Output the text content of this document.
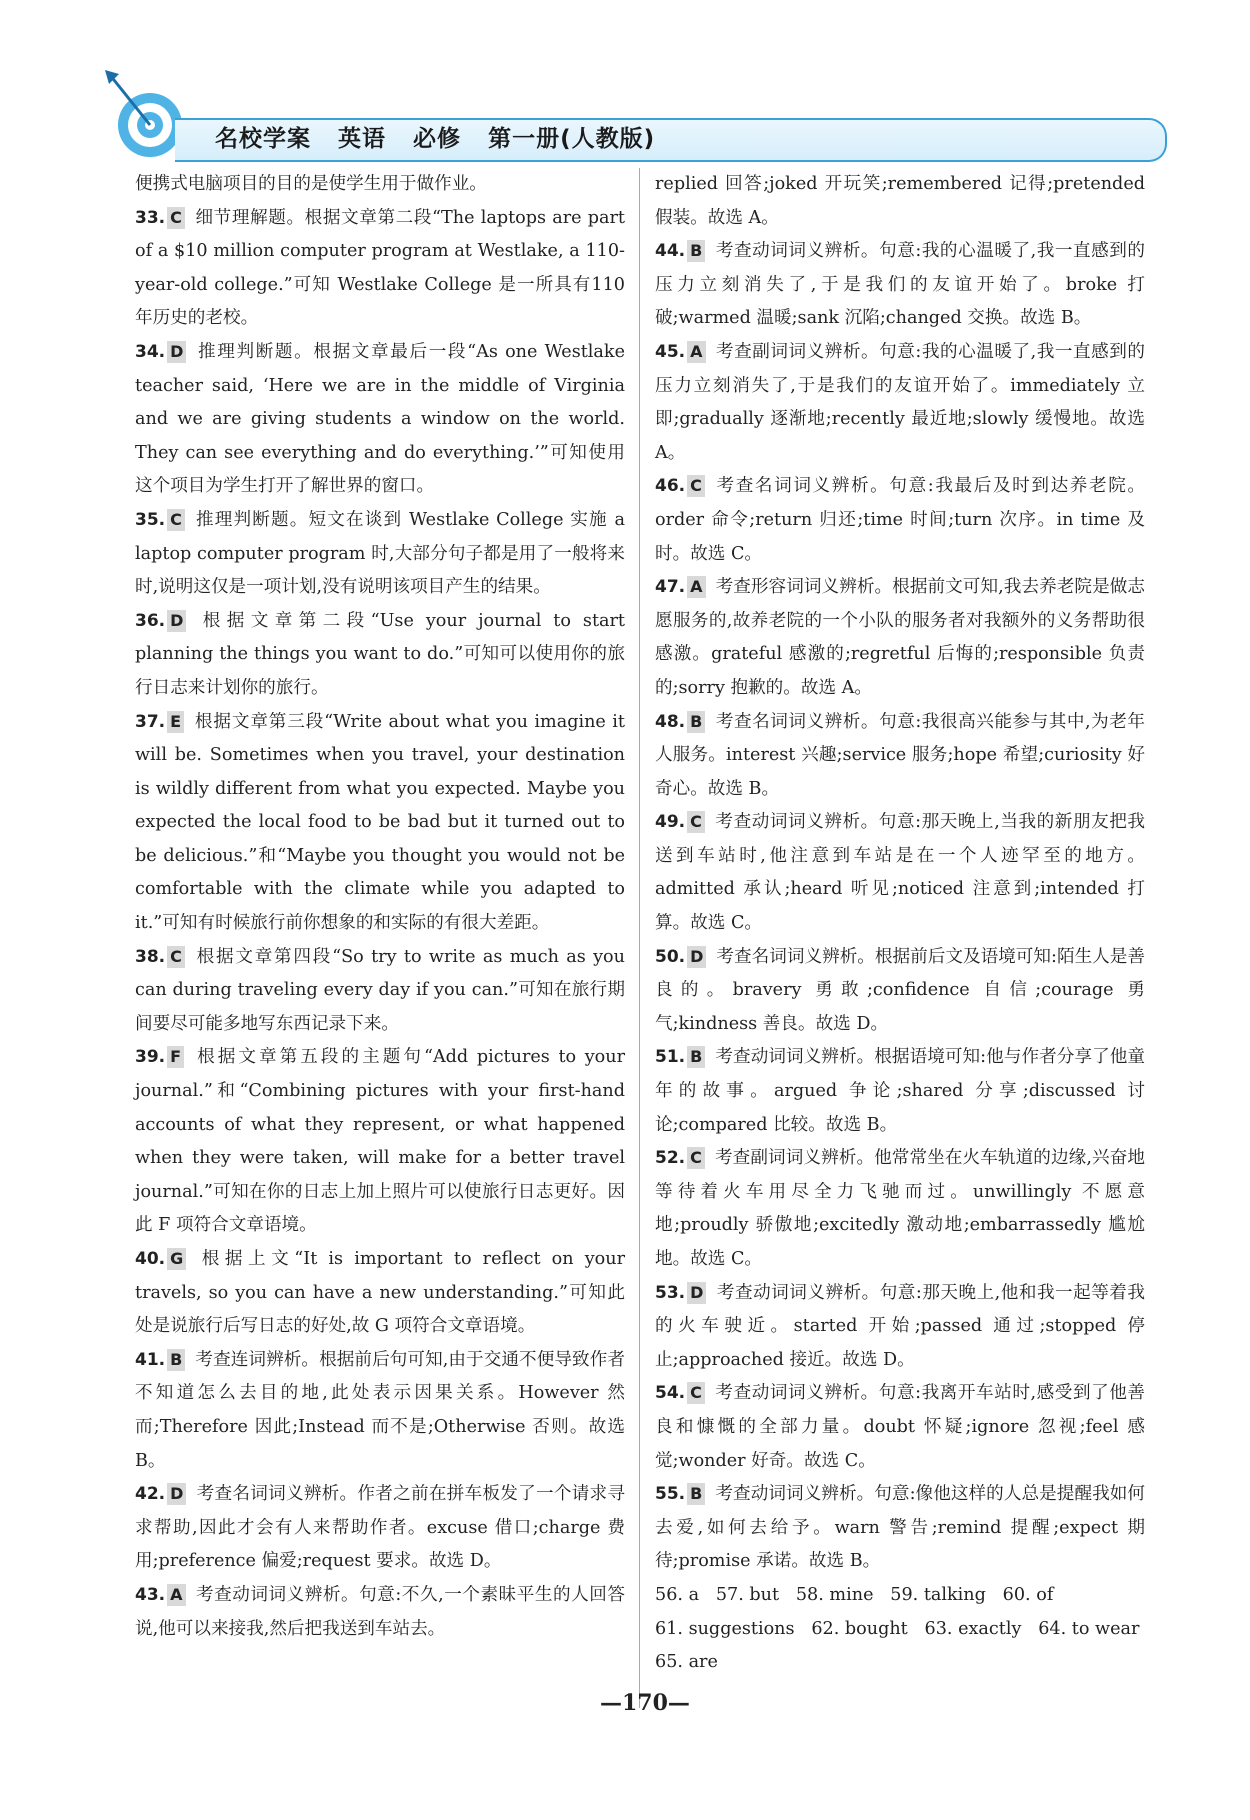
名校学案   英语   必修   第一册(人教版)

便携式电脑项目的目的是使学生用于做作业。

33. C 细节理解题。根据文章第二段“The laptops are part of a $10 million computer program at Westlake, a 110-year-old college.”可知 Westlake College 是一所具有110年历史的老校。

34. D 推理判断题。根据文章最后一段“As one Westlake teacher said, ‘Here we are in the middle of Virginia and we are giving students a window on the world. They can see everything and do everything.’”可知使用这个项目为学生打开了解世界的窗口。

35. C 推理判断题。短文在谈到 Westlake College 实施 a laptop computer program 时,大部分句子都是用了一般将来时,说明这仅是一项计划,没有说明该项目产生的结果。

36. D 根据文章第二段“Use your journal to start planning the things you want to do.”可知可以使用你的旅行日志来计划你的旅行。

37. E 根据文章第三段“Write about what you imagine it will be. Sometimes when you travel, your destination is wildly different from what you expected. Maybe you expected the local food to be bad but it turned out to be delicious.”和“Maybe you thought you would not be comfortable with the climate while you adapted to it.”可知有时候旅行前你想象的和实际的有很大差距。

38. C 根据文章第四段“So try to write as much as you can during traveling every day if you can.”可知在旅行期间要尽可能多地写东西记录下来。

39. F 根据文章第五段的主题句“Add pictures to your journal.”和“Combining pictures with your first-hand accounts of what they represent, or what happened when they were taken, will make for a better travel journal.”可知在你的日志上加上照片可以使旅行日志更好。因此 F 项符合文章语境。

40. G 根据上文“It is important to reflect on your travels, so you can have a new understanding.”可知此处是说旅行后写日志的好处,故 G 项符合文章语境。

41. B 考查连词辨析。根据前后句可知,由于交通不便导致作者不知道怎么去目的地,此处表示因果关系。However 然而;Therefore 因此;Instead 而不是;Otherwise 否则。故选 B。

42. D 考查名词词义辨析。作者之前在拼车板发了一个请求寻求帮助,因此才会有人来帮助作者。excuse 借口;charge 费用;preference 偏爱;request 要求。故选 D。

43. A 考查动词词义辨析。句意:不久,一个素昧平生的人回答说,他可以来接我,然后把我送到车站去。

replied 回答;joked 开玩笑;remembered 记得;pretended 假装。故选 A。

44. B 考查动词词义辨析。句意:我的心温暖了,我一直感到的压力立刻消失了,于是我们的友谊开始了。broke 打破;warmed 温暖;sank 沉陷;changed 交换。故选 B。

45. A 考查副词词义辨析。句意:我的心温暖了,我一直感到的压力立刻消失了,于是我们的友谊开始了。immediately 立即;gradually 逐渐地;recently 最近地;slowly 缓慢地。故选 A。

46. C 考查名词词义辨析。句意:我最后及时到达养老院。order 命令;return 归还;time 时间;turn 次序。in time 及时。故选 C。

47. A 考查形容词词义辨析。根据前文可知,我去养老院是做志愿服务的,故养老院的一个小队的服务者对我额外的义务帮助很感激。grateful 感激的;regretful 后悔的;responsible 负责的;sorry 抱歉的。故选 A。

48. B 考查名词词义辨析。句意:我很高兴能参与其中,为老年人服务。interest 兴趣;service 服务;hope 希望;curiosity 好奇心。故选 B。

49. C 考查动词词义辨析。句意:那天晚上,当我的新朋友把我送到车站时,他注意到车站是在一个人迹罕至的地方。admitted 承认;heard 听见;noticed 注意到;intended 打算。故选 C。

50. D 考查名词词义辨析。根据前后文及语境可知:陌生人是善良的。bravery 勇敢;confidence 自信;courage 勇气;kindness 善良。故选 D。

51. B 考查动词词义辨析。根据语境可知:他与作者分享了他童年的故事。argued 争论;shared 分享;discussed 讨论;compared 比较。故选 B。

52. C 考查副词词义辨析。他常常坐在火车轨道的边缘,兴奋地等待着火车用尽全力飞驰而过。unwillingly 不愿意地;proudly 骄傲地;excitedly 激动地;embarrassedly 尴尬地。故选 C。

53. D 考查动词词义辨析。句意:那天晚上,他和我一起等着我的火车驶近。started 开始;passed 通过;stopped 停止;approached 接近。故选 D。

54. C 考查动词词义辨析。句意:我离开车站时,感受到了他善良和慷慨的全部力量。doubt 怀疑;ignore 忽视;feel 感觉;wonder 好奇。故选 C。

55. B 考查动词词义辨析。句意:像他这样的人总是提醒我如何去爱,如何去给予。warn 警告;remind 提醒;expect 期待;promise 承诺。故选 B。

56. a   57. but   58. mine   59. talking   60. of

61. suggestions   62. bought   63. exactly   64. to wear

65. are

—170—
